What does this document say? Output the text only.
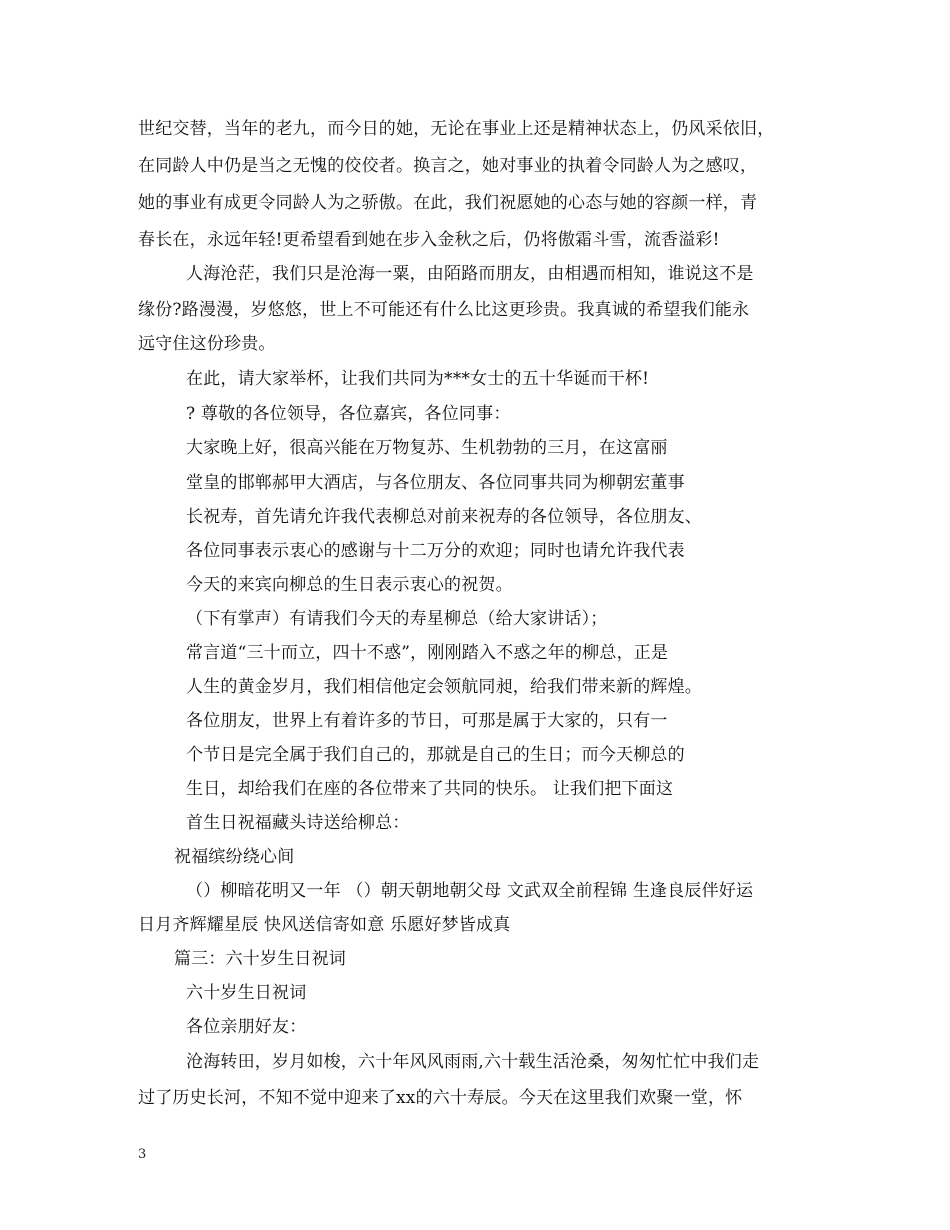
世纪交替，当年的老九，而今日的她，无论在事业上还是精神状态上，仍风采依旧，
在同龄人中仍是当之无愧的佼佼者。换言之，她对事业的执着令同龄人为之感叹，
她的事业有成更令同龄人为之骄傲。在此，我们祝愿她的心态与她的容颜一样，青
春长在，永远年轻!更希望看到她在步入金秋之后，仍将傲霜斗雪，流香溢彩!
人海沧茫，我们只是沧海一粟，由陌路而朋友，由相遇而相知，谁说这不是
缘份?路漫漫，岁悠悠，世上不可能还有什么比这更珍贵。我真诚的希望我们能永
远守住这份珍贵。
在此，请大家举杯，让我们共同为***女士的五十华诞而干杯!
? 尊敬的各位领导，各位嘉宾，各位同事：
大家晚上好，很高兴能在万物复苏、生机勃勃的三月，在这富丽
堂皇的邯郸郝甲大酒店，与各位朋友、各位同事共同为柳朝宏董事
长祝寿，首先请允许我代表柳总对前来祝寿的各位领导，各位朋友、
各位同事表示衷心的感谢与十二万分的欢迎；同时也请允许我代表
今天的来宾向柳总的生日表示衷心的祝贺。
（下有掌声）有请我们今天的寿星柳总（给大家讲话）；
常言道“三十而立，四十不惑”，刚刚踏入不惑之年的柳总，正是
人生的黄金岁月，我们相信他定会领航同昶，给我们带来新的辉煌。
各位朋友，世界上有着许多的节日，可那是属于大家的，只有一
个节日是完全属于我们自己的，那就是自己的生日；而今天柳总的
生日，却给我们在座的各位带来了共同的快乐。 让我们把下面这
首生日祝福藏头诗送给柳总：
祝福缤纷绕心间
（）柳暗花明又一年 （）朝天朝地朝父母 文武双全前程锦 生逢良辰伴好运
日月齐辉耀星辰 快风送信寄如意 乐愿好梦皆成真
篇三：六十岁生日祝词
六十岁生日祝词
各位亲朋好友：
沧海转田，岁月如梭，六十年风风雨雨,六十载生活沧桑，匆匆忙忙中我们走
过了历史长河，不知不觉中迎来了xx的六十寿辰。今天在这里我们欢聚一堂，怀
3
